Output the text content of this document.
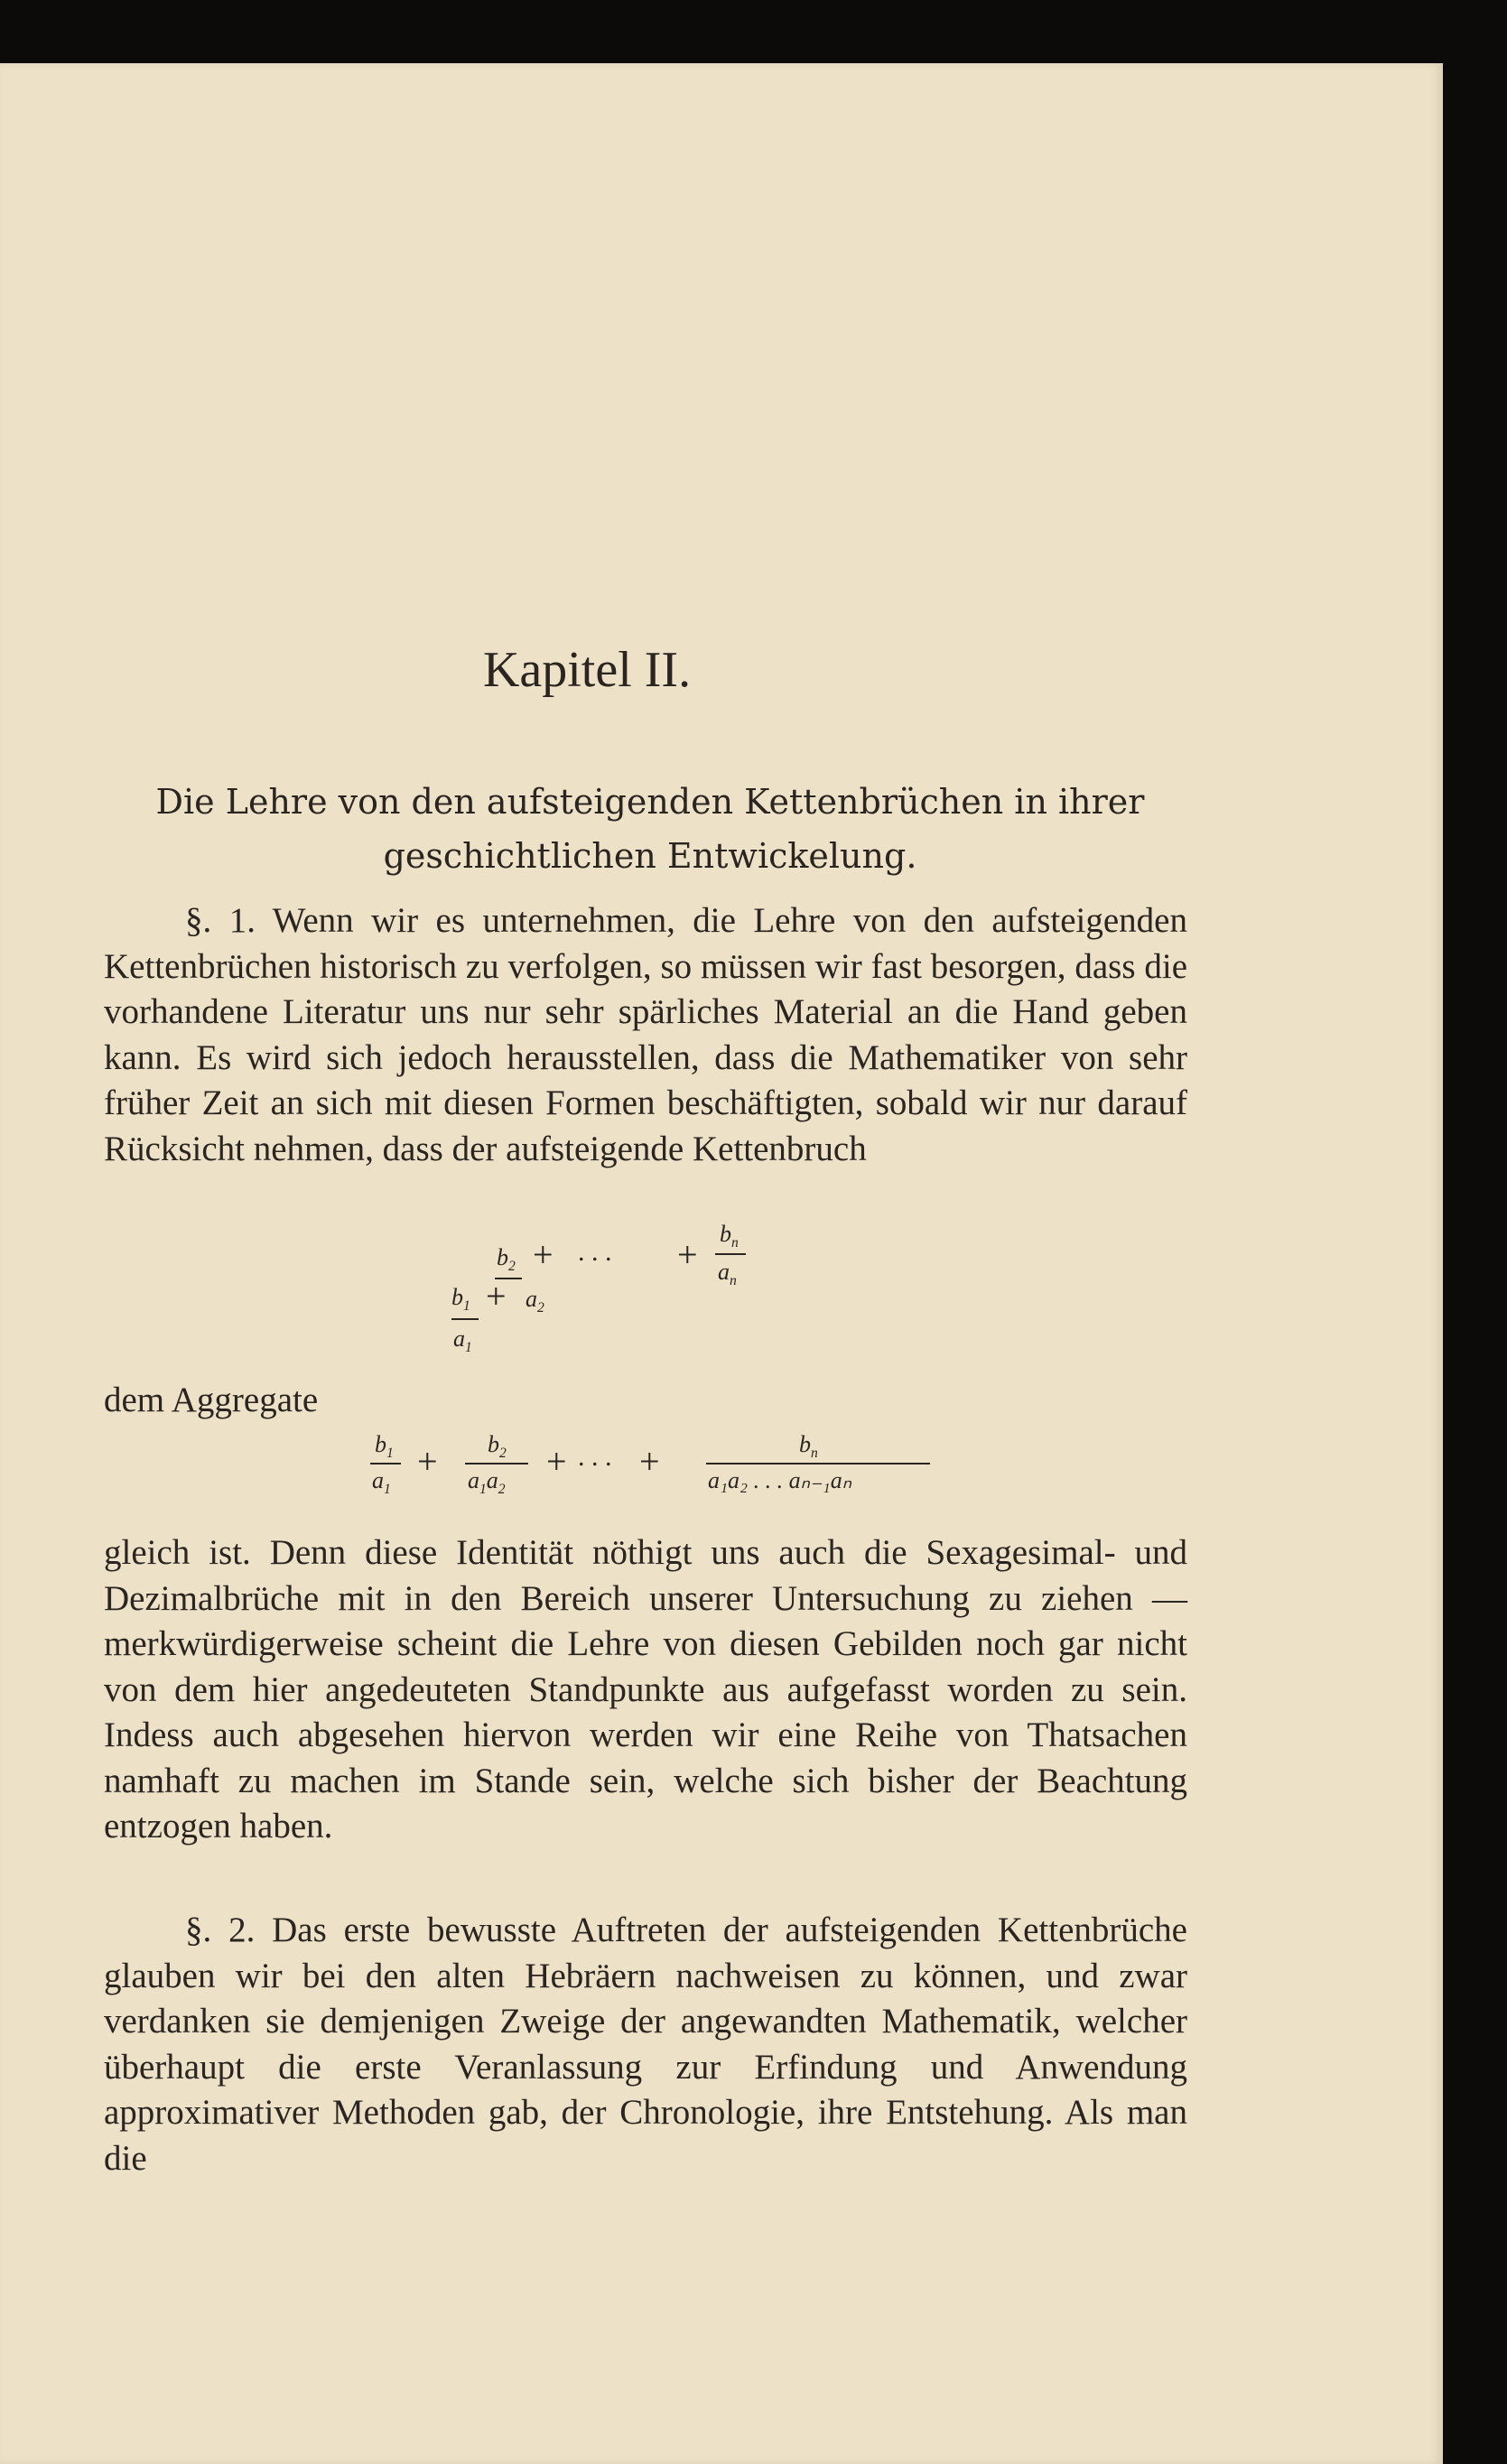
Kapitel II.
Die Lehre von den aufsteigenden Kettenbrüchen in ihrer
geschichtlichen Entwickelung.
§. 1. Wenn wir es unternehmen, die Lehre von den aufsteigenden Kettenbrüchen historisch zu verfolgen, so müssen wir fast besorgen, dass die vorhandene Literatur uns nur sehr spärliches Material an die Hand geben kann. Es wird sich jedoch herausstellen, dass die Mathematiker von sehr früher Zeit an sich mit diesen Formen beschäftigten, sobald wir nur darauf Rücksicht nehmen, dass der aufsteigende Kettenbruch
$b_2$ + . . . +
$b_n$
$a_n$
$b_1 + a_2$
$a_1$
dem Aggregate
$b_1$
$a_1$
+ $b_2$
$a_1a_2$
+ . . . +	$b_n$
a₁a₂ . . . aₙ₋₁aₙ
gleich ist. Denn diese Identität nöthigt uns auch die Sexagesimal- und Dezimalbrüche mit in den Bereich unserer Untersuchung zu ziehen — merkwürdigerweise scheint die Lehre von diesen Gebilden noch gar nicht von dem hier angedeuteten Standpunkte aus aufgefasst worden zu sein. Indess auch abgesehen hiervon werden wir eine Reihe von Thatsachen namhaft zu machen im Stande sein, welche sich bisher der Beachtung entzogen haben.
§. 2. Das erste bewusste Auftreten der aufsteigenden Kettenbrüche glauben wir bei den alten Hebräern nachweisen zu können, und zwar verdanken sie demjenigen Zweige der angewandten Mathematik, welcher überhaupt die erste Veranlassung zur Erfindung und Anwendung approximativer Methoden gab, der Chronologie, ihre Entstehung. Als man die
